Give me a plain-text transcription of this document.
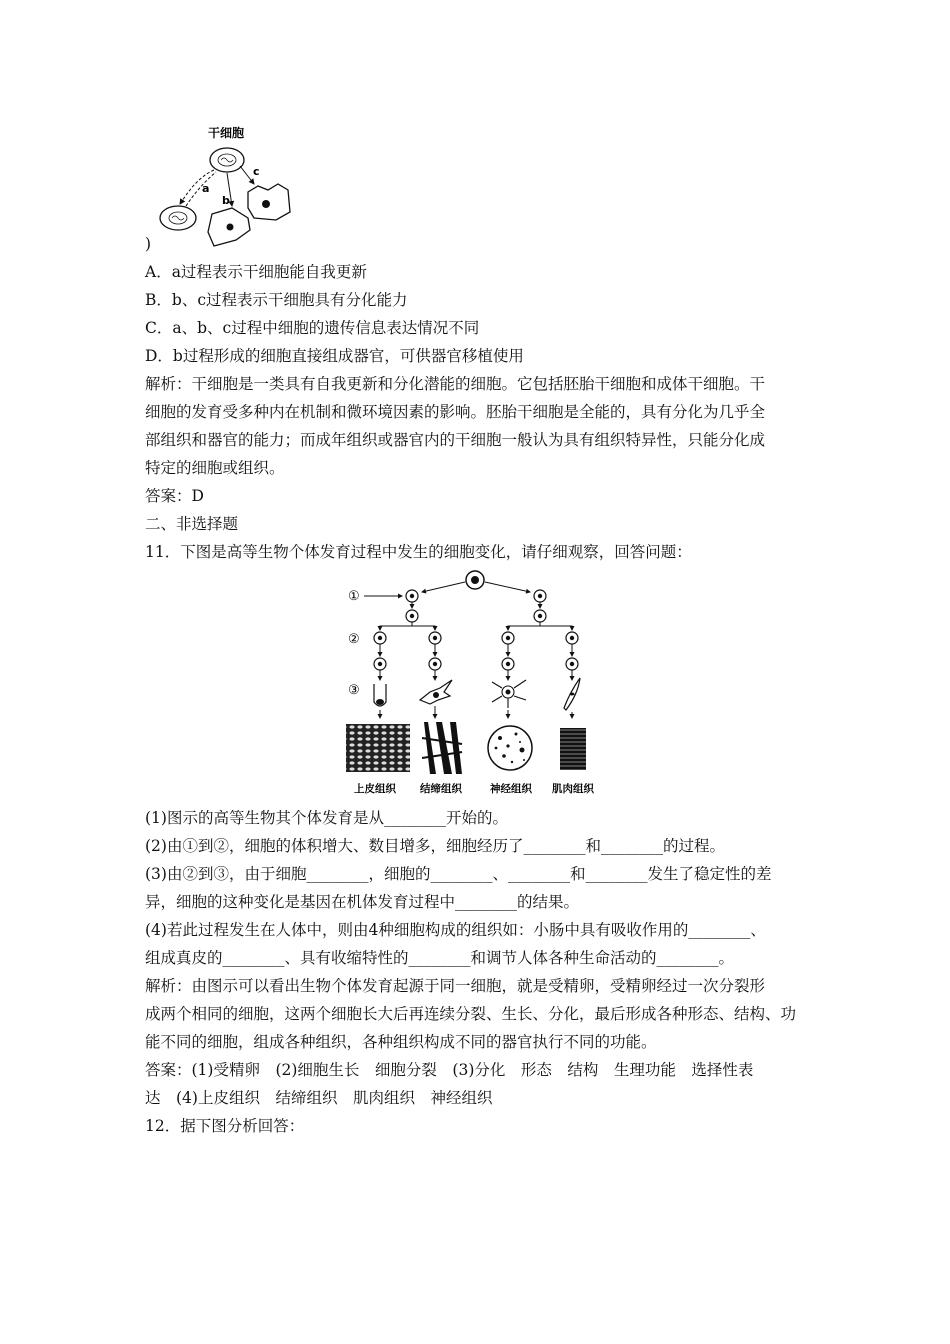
干细胞
a
b
c
)
A．a过程表示干细胞能自我更新
B．b、c过程表示干细胞具有分化能力
C．a、b、c过程中细胞的遗传信息表达情况不同
D．b过程形成的细胞直接组成器官，可供器官移植使用
解析：干细胞是一类具有自我更新和分化潜能的细胞。它包括胚胎干细胞和成体干细胞。干
细胞的发育受多种内在机制和微环境因素的影响。胚胎干细胞是全能的，具有分化为几乎全
部组织和器官的能力；而成年组织或器官内的干细胞一般认为具有组织特异性，只能分化成
特定的细胞或组织。
答案：D
二、非选择题
11．下图是高等生物个体发育过程中发生的细胞变化，请仔细观察，回答问题：
①
②
③
上皮组织 结缔组织	神经组织 肌肉组织
(1)图示的高等生物其个体发育是从________开始的。
(2)由①到②，细胞的体积增大、数目增多，细胞经历了________和________的过程。
(3)由②到③，由于细胞________，细胞的________、________和________发生了稳定性的差
异，细胞的这种变化是基因在机体发育过程中________的结果。
(4)若此过程发生在人体中，则由4种细胞构成的组织如：小肠中具有吸收作用的________、
组成真皮的________、具有收缩特性的________和调节人体各种生命活动的________。
解析：由图示可以看出生物个体发育起源于同一细胞，就是受精卵，受精卵经过一次分裂形
成两个相同的细胞，这两个细胞长大后再连续分裂、生长、分化，最后形成各种形态、结构、功
能不同的细胞，组成各种组织，各种组织构成不同的器官执行不同的功能。
答案：(1)受精卵　(2)细胞生长　细胞分裂　(3)分化　形态　结构　生理功能　选择性表
达　(4)上皮组织　结缔组织　肌肉组织　神经组织
12．据下图分析回答：
